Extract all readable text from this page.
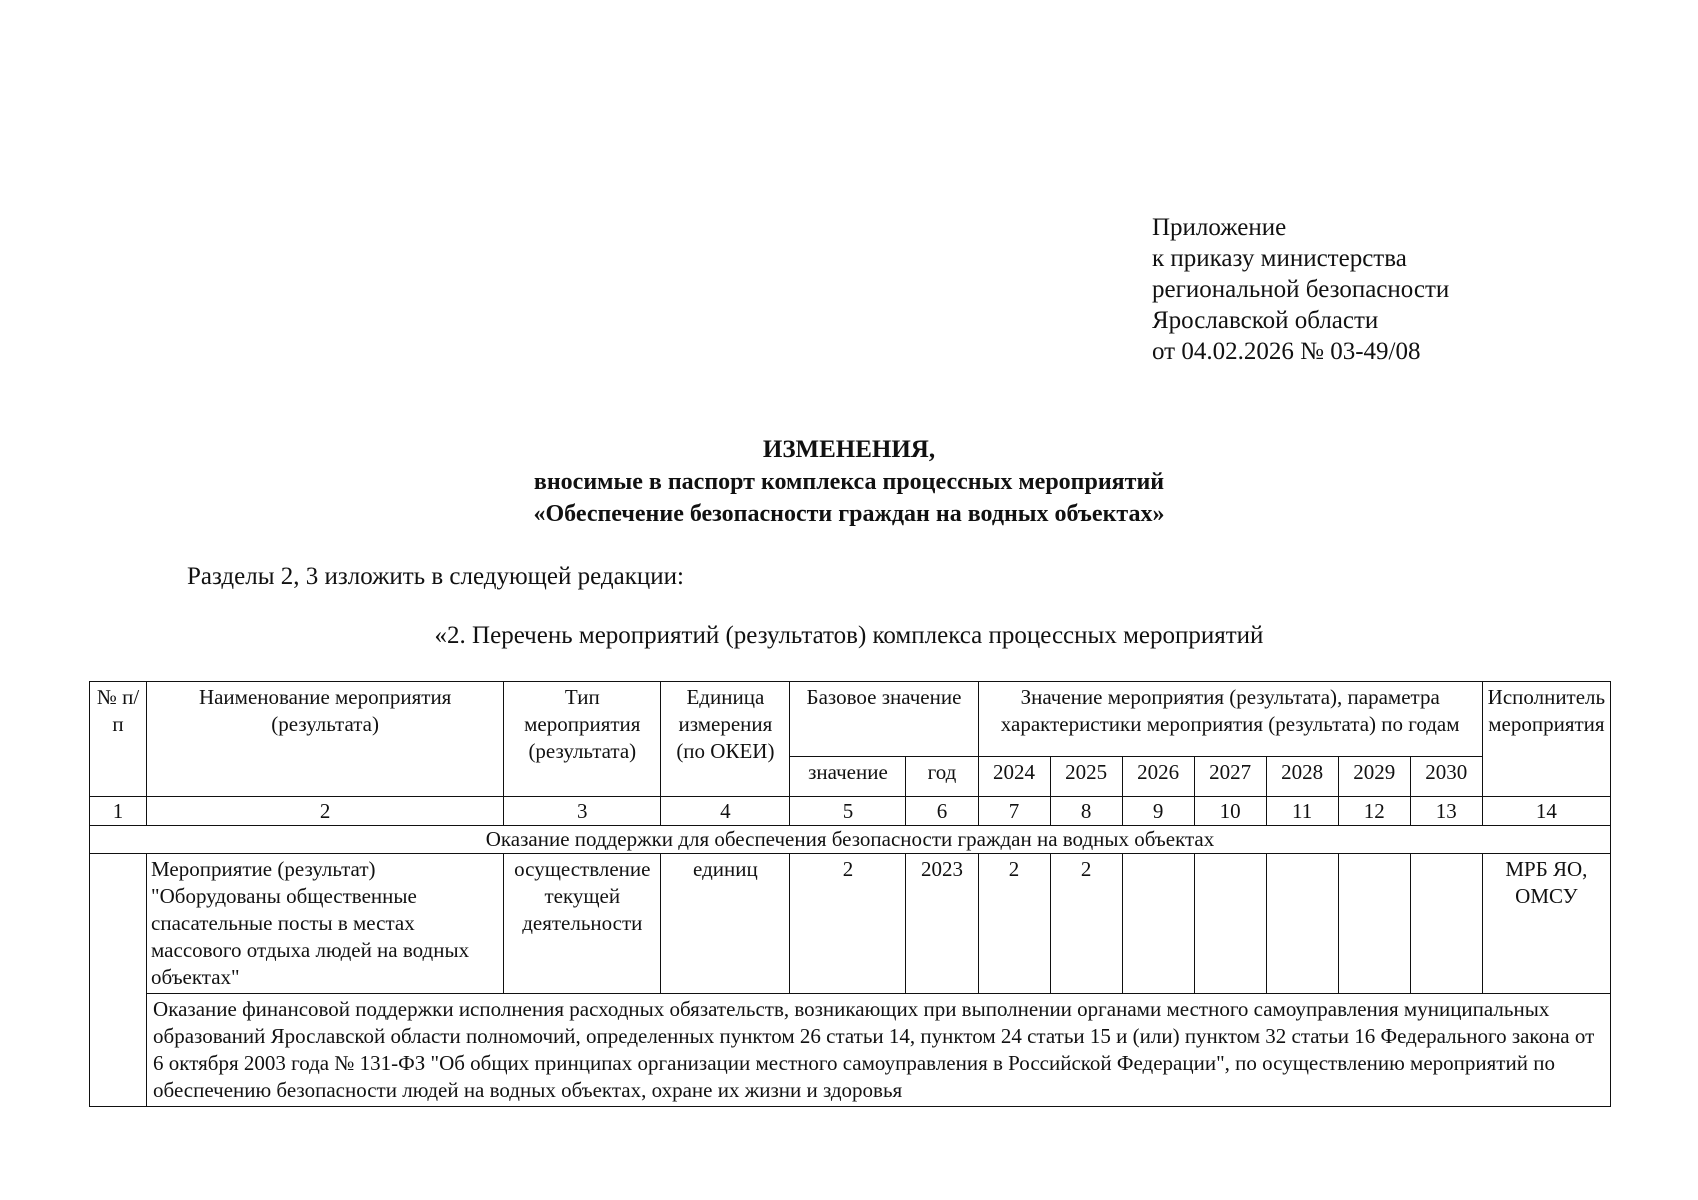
Приложение
к приказу министерства
региональной безопасности
Ярославской области
от 04.02.2026 № 03-49/08
ИЗМЕНЕНИЯ,
вносимые в паспорт комплекса процессных мероприятий
«Обеспечение безопасности граждан на водных объектах»
Разделы 2, 3 изложить в следующей редакции:
«2. Перечень мероприятий (результатов) комплекса процессных мероприятий
№ п/п	Наименование мероприятия (результата)	Тип мероприятия (результата)	Единица измерения (по ОКЕИ)	Базовое значение		Значение мероприятия (результата), параметра характеристики мероприятия (результата) по годам							Исполнитель мероприятия
				значение	год	2024	2025	2026	2027	2028	2029	2030	
1	2	3	4	5	6	7	8	9	10	11	12	13	14
Оказание поддержки для обеспечения безопасности граждан на водных объектах													
	Мероприятие (результат) "Оборудованы общественные спасательные посты в местах массового отдыха людей на водных объектах"	осуществление текущей деятельности	единиц	2	2023	2	2						МРБ ЯО, ОМСУ
	Оказание финансовой поддержки исполнения расходных обязательств, возникающих при выполнении органами местного самоуправления муниципальных образований Ярославской области полномочий, определенных пунктом 26 статьи 14, пунктом 24 статьи 15 и (или) пунктом 32 статьи 16 Федерального закона от 6 октября 2003 года № 131-ФЗ "Об общих принципах организации местного самоуправления в Российской Федерации", по осуществлению мероприятий по обеспечению безопасности людей на водных объектах, охране их жизни и здоровья												
